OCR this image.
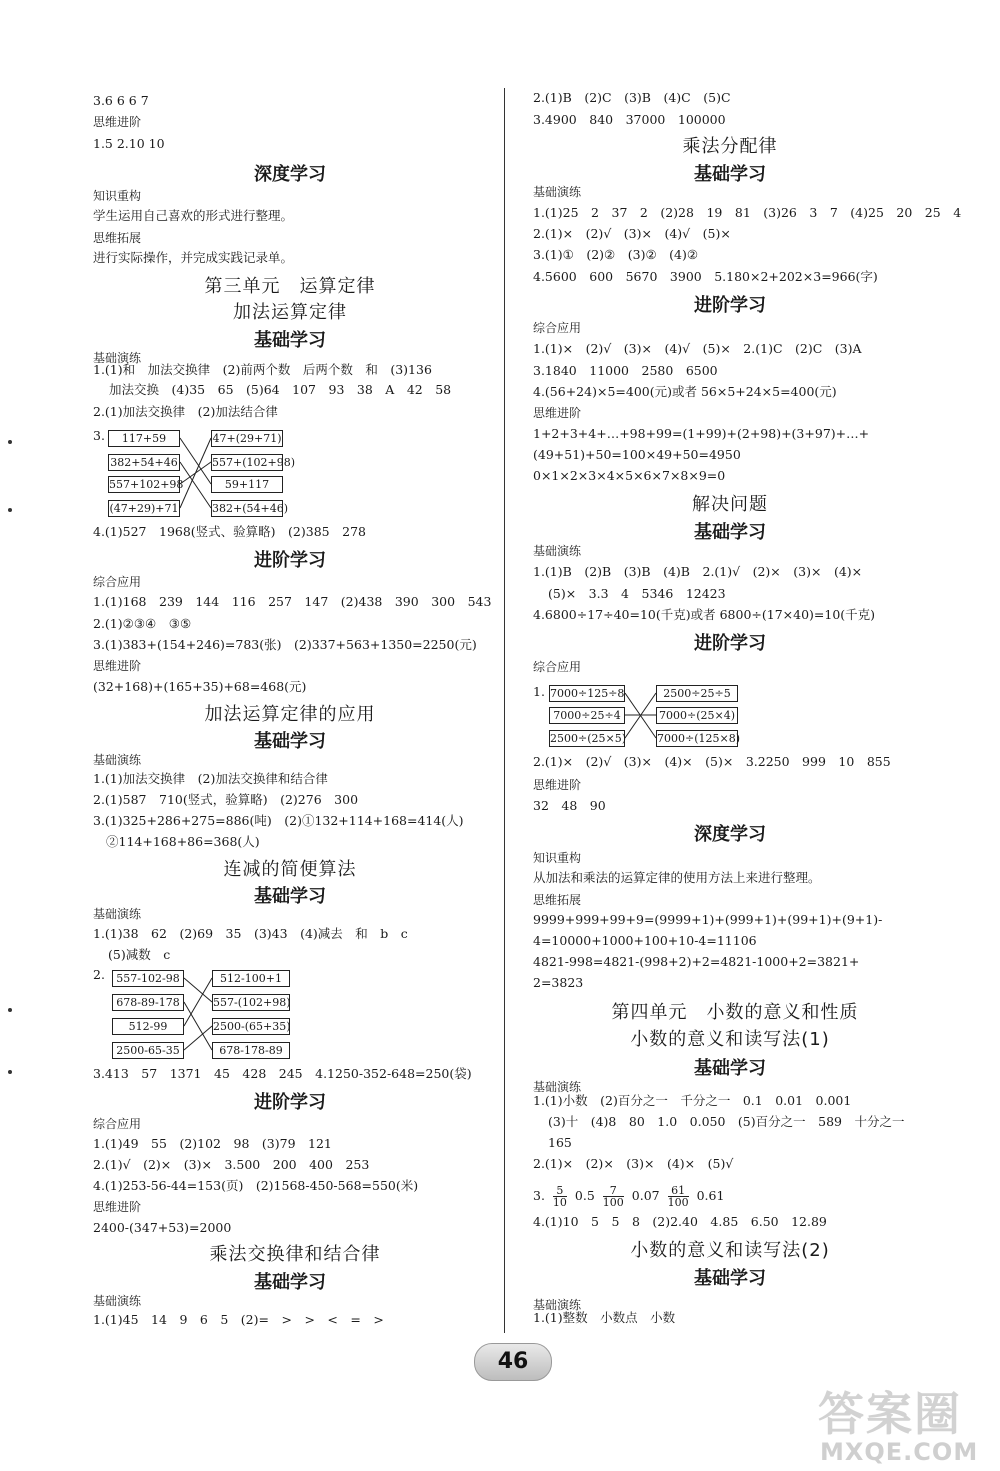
3.6 6 6 7
思维进阶
1.5 2.10 10
深度学习
知识重构
学生运用自己喜欢的形式进行整理。
思维拓展
进行实际操作，并完成实践记录单。
第三单元　运算定律
加法运算定律
基础学习
基础演练
1.(1)和　加法交换律　(2)前两个数　后两个数　和　(3)136
加法交换　(4)35　65　(5)64　107　93　38　A　42　58
2.(1)加法交换律　(2)加法结合律
3.	117+59
382+54+46
557+102+98
(47+29)+71
47+(29+71)
557+(102+98)
59+117
382+(54+46)
4.(1)527　1968(竖式、验算略)　(2)385　278
进阶学习
综合应用
1.(1)168　239　144　116　257　147　(2)438　390　300　543
2.(1)②③④　③⑤
3.(1)383+(154+246)=783(张)　(2)337+563+1350=2250(元)
思维进阶
(32+168)+(165+35)+68=468(元)
加法运算定律的应用
基础学习
基础演练
1.(1)加法交换律　(2)加法交换律和结合律
2.(1)587　710(竖式，验算略)　(2)276　300
3.(1)325+286+275=886(吨)　(2)①132+114+168=414(人)
②114+168+86=368(人)
连减的简便算法
基础学习
基础演练
1.(1)38　62　(2)69　35　(3)43　(4)减去　和　b　c
(5)减数　c
2.	557-102-98
678-89-178
512-99
2500-65-35
512-100+1
557-(102+98)
2500-(65+35)
678-178-89
3.413　57　1371　45　428　245　4.1250-352-648=250(袋)
进阶学习
综合应用
1.(1)49　55　(2)102　98　(3)79　121
2.(1)√　(2)×　(3)×　3.500　200　400　253
4.(1)253-56-44=153(页)　(2)1568-450-568=550(米)
思维进阶
2400-(347+53)=2000
乘法交换律和结合律
基础学习
基础演练
1.(1)45　14　9　6　5　(2)=　>　>　<　=　>
2.(1)B　(2)C　(3)B　(4)C　(5)C
3.4900　840　37000　100000
乘法分配律
基础学习
基础演练
1.(1)25　2　37　2　(2)28　19　81　(3)26　3　7　(4)25　20　25　4
2.(1)×　(2)√　(3)×　(4)√　(5)×
3.(1)①　(2)②　(3)②　(4)②
4.5600　600　5670　3900　5.180×2+202×3=966(字)
进阶学习
综合应用
1.(1)×　(2)√　(3)×　(4)√　(5)×　2.(1)C　(2)C　(3)A
3.1840　11000　2580　6500
4.(56+24)×5=400(元)或者 56×5+24×5=400(元)
思维进阶
1+2+3+4+…+98+99=(1+99)+(2+98)+(3+97)+…+
(49+51)+50=100×49+50=4950
0×1×2×3×4×5×6×7×8×9=0
解决问题
基础学习
基础演练
1.(1)B　(2)B　(3)B　(4)B　2.(1)√　(2)×　(3)×　(4)×
(5)×　3.3　4　5346　12423
4.6800÷17÷40=10(千克)或者 6800÷(17×40)=10(千克)
进阶学习
综合应用
1. 7000÷125÷8
7000÷25÷4
2500÷(25×5)
2500÷25÷5
7000÷(25×4)
7000÷(125×8)
2.(1)×　(2)√　(3)×　(4)×　(5)×　3.2250　999　10　855
思维进阶
32　48　90
深度学习
知识重构
从加法和乘法的运算定律的使用方法上来进行整理。
思维拓展
9999+999+99+9=(9999+1)+(999+1)+(99+1)+(9+1)-
4=10000+1000+100+10-4=11106
4821-998=4821-(998+2)+2=4821-1000+2=3821+
2=3823
第四单元　小数的意义和性质
小数的意义和读写法(1)
基础学习
基础演练
1.(1)小数　(2)百分之一　千分之一　0.1　0.01　0.001
(3)十　(4)8　80　1.0　0.050　(5)百分之一　589　十分之一
165
2.(1)×　(2)×　(3)×　(4)×　(5)√
3. $\frac{5}{10} 0.5 \frac{7}{100} 0.07 \frac{61}{100} 0.61$
4.(1)10　5　5　8　(2)2.40　4.85　6.50　12.89
小数的意义和读写法(2)
基础学习
基础演练
1.(1)整数　小数点　小数
46
答案圈
MXQE.COM
